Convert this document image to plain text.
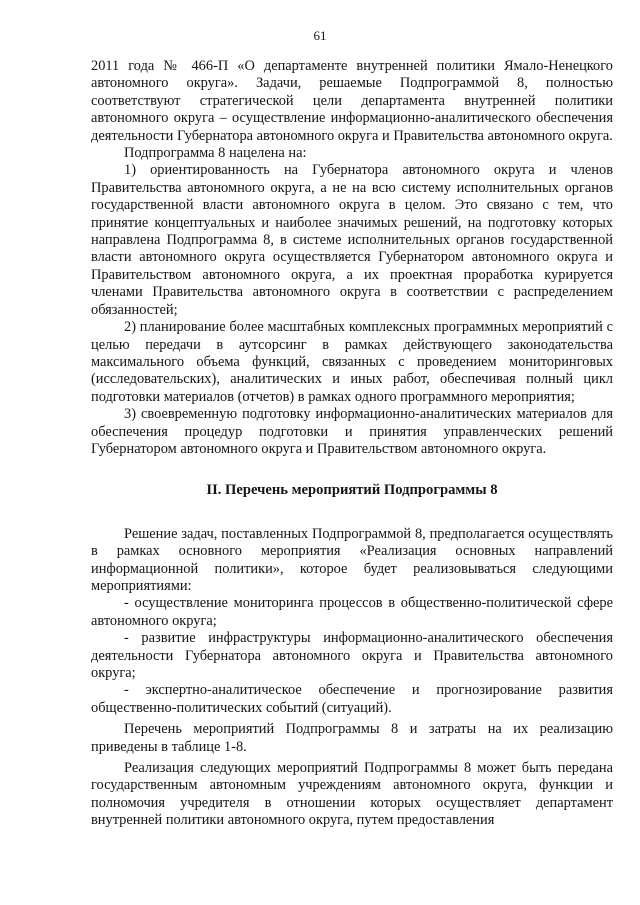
61

2011 года № 466-П «О департаменте внутренней политики Ямало-Ненецкого автономного округа». Задачи, решаемые Подпрограммой 8, полностью соответствуют стратегической цели департамента внутренней политики автономного округа – осуществление информационно-аналитического обеспечения деятельности Губернатора автономного округа и Правительства автономного округа.

Подпрограмма 8 нацелена на:

1) ориентированность на Губернатора автономного округа и членов Правительства автономного округа, а не на всю систему исполнительных органов государственной власти автономного округа в целом. Это связано с тем, что принятие концептуальных и наиболее значимых решений, на подготовку которых направлена Подпрограмма 8, в системе исполнительных органов государственной власти автономного округа осуществляется Губернатором автономного округа и Правительством автономного округа, а их проектная проработка курируется членами Правительства автономного округа в соответствии с распределением обязанностей;

2) планирование более масштабных комплексных программных мероприятий с целью передачи в аутсорсинг в рамках действующего законодательства максимального объема функций, связанных с проведением мониторинговых (исследовательских), аналитических и иных работ, обеспечивая полный цикл подготовки материалов (отчетов) в рамках одного программного мероприятия;

3) своевременную подготовку информационно-аналитических материалов для обеспечения процедур подготовки и принятия управленческих решений Губернатором автономного округа и Правительством автономного округа.

II. Перечень мероприятий Подпрограммы 8

Решение задач, поставленных Подпрограммой 8, предполагается осуществлять в рамках основного мероприятия «Реализация основных направлений информационной политики», которое будет реализовываться следующими мероприятиями:

- осуществление мониторинга процессов в общественно-политической сфере автономного округа;

- развитие инфраструктуры информационно-аналитического обеспечения деятельности Губернатора автономного округа и Правительства автономного округа;

- экспертно-аналитическое обеспечение и прогнозирование развития общественно-политических событий (ситуаций).

Перечень мероприятий Подпрограммы 8 и затраты на их реализацию приведены в таблице 1-8.

Реализация следующих мероприятий Подпрограммы 8 может быть передана государственным автономным учреждениям автономного округа, функции и полномочия учредителя в отношении которых осуществляет департамент внутренней политики автономного округа, путем предоставления
